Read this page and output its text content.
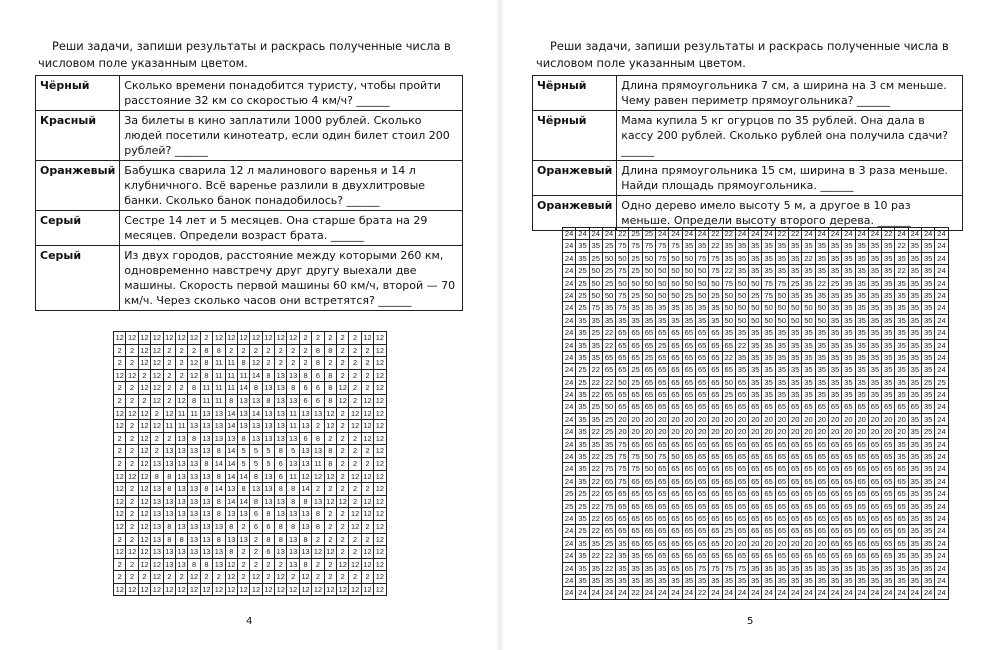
Реши задачи, запиши результаты и раскрась полученные числа в числовом поле указанным цветом.

Чёрный	Сколько времени понадобится туристу, чтобы пройти расстояние 32 км со скоростью 4 км/ч? ______
Красный	За билеты в кино заплатили 1000 рублей. Сколько людей посетили кинотеатр, если один билет стоил 200 рублей? ______
Оранжевый	Бабушка сварила 12 л малинового варенья и 14 л клубничного. Всё варенье разлили в двухлитровые банки. Сколько банок понадобилось? ______
Серый	Сестре 14 лет и 5 месяцев. Она старше брата на 29 месяцев. Определи возраст брата. ______
Серый	Из двух городов, расстояние между которыми 260 км, одновременно навстречу друг другу выехали две машины. Скорость первой машины 60 км/ч, второй — 70 км/ч. Через сколько часов они встретятся? ______
12 12 12 12 12 12 12 2 12 12 12 12 12 12 12 2	2	2	2	2 12 12
2	2 12 12 2	2	2	8	8	2	2	2	2	2	2	2	8	8	2	2	2 12
2	2 12 12 2	2 12 8 11 11 8 12 2	2	2	2	8	2	2	2	2 12
12 12 2 12 2	2 12 8 11 11 11 14 8 13 13 8	6	8	2	2	2 12
2	2 12 12 2	2	8 11 11 11 14 8 13 13 8	6	6	8 12 2	2 12
2	2	2 12 2 12 8 11 11 8 13 13 8 13 13 6	6	8 12 2 12 12
12 12 12 2 12 11 11 13 13 14 13 14 13 13 11 13 13 12 2 12 12 12
12 2 12 12 11 11 13 13 13 14 13 13 13 13 11 13 2 12 2 12 12 12
2	2 12 2	2 13 8 13 13 13 8 13 13 13 13 6	8	2	2	2 12 12
2	2 12 2 13 13 13 13 8 14 5	5	5	8	5 13 13 8	2	2	2 12
2	2 12 13 13 13 13 8 14 14 5	5	5	6 13 13 11 8	2	2	2 12
12 12 12 8	8 13 13 13 8 14 14 8 13 6 11 12 12 12 2 12 12 12
12 2 12 13 8 13 13 8 14 13 8 13 13 8	8 14 2	2	2	2	2 12
12 2 12 13 13 13 13 13 8 14 14 8 13 13 8	8 13 12 12 2 12 12
12 2 12 13 13 13 13 13 8 13 13 6	8 13 13 13 8	2	2 12 12 12
12 2 12 13 8 13 13 13 13 8	2	6	6	8	8 13 8	2	2 12 2 12
2	2 12 13 8	8 13 13 8 13 13 2	8	8 13 8	2	2	2	2	2 12
12 12 12 13 13 13 13 13 13 8	2	2	6 13 13 13 12 12 2	2 12 12
2	2 12 12 13 13 8	8 13 12 2	2	2	2 13 8	2	2 12 12 12 12
2	2	2 12 2	2 12 2	2 12 2 12 2 12 2 12 2	2	2	2	2 12
12 12 12 12 12 12 12 12 12 12 12 12 12 12 12 12 12 12 12 12 12 12
4

Реши задачи, запиши результаты и раскрась полученные числа в числовом поле указанным цветом.

Чёрный	Длина прямоугольника 7 см, а ширина на 3 см меньше. Чему равен периметр прямоугольника? ______
Чёрный	Мама купила 5 кг огурцов по 35 рублей. Она дала в кассу 200 рублей. Сколько рублей она получила сдачи? ______
Оранжевый	Длина прямоугольника 15 см, ширина в 3 раза меньше. Найди площадь прямоугольника. ______
Оранжевый	Одно дерево имело высоту 5 м, а другое в 10 раз меньше. Определи высоту второго дерева. ______
24 24 24 24 22 25 25 24 24 24 24 22 22 24 24 24 22 22 24 24 24 24 24 24 22 24 24 24 24
24 35 35 25 75 75 75 75 75 35 35 22 35 35 35 35 35 35 35 35 35 35 35 35 35 22 35 35 24
24 35 25 50 50 25 50 75 50 50 75 75 35 35 35 35 35 35 22 35 35 35 35 35 35 35 35 35 24
24 25 50 25 75 25 50 50 50 50 50 75 22 35 35 35 35 35 35 35 35 35 35 35 35 22 35 35 24
24 25 50 25 50 50 50 50 50 50 50 50 75 50 50 75 75 25 35 22 25 35 35 35 35 35 35 35 24
24 25 50 50 75 25 50 50 50 25 50 25 50 50 25 75 50 35 35 35 35 35 35 35 35 35 35 35 24
24 25 75 35 75 35 35 35 35 35 35 35 50 50 50 50 50 50 50 50 35 35 35 35 35 35 35 35 24
24 35 35 35 35 35 35 35 35 35 35 35 50 50 50 50 50 50 50 50 35 35 35 35 35 35 35 35 24
24 35 25 22 65 65 65 65 65 65 65 65 35 35 35 35 35 35 35 35 35 35 35 35 35 35 35 35 24
24 35 35 22 65 65 65 25 65 65 65 65 65 22 35 35 35 35 35 35 35 35 35 35 35 35 35 35 24
24 35 35 65 65 65 25 65 65 65 65 65 22 35 35 35 35 35 35 35 35 35 35 35 35 35 35 35 24
24 25 22 65 65 25 65 65 65 65 65 65 65 35 35 35 35 35 35 35 35 35 35 35 35 35 35 35 24
24 25 22 22 50 25 65 65 65 65 65 65 50 65 35 35 35 35 35 35 35 35 35 35 35 35 35 25 25
24 35 22 65 65 65 65 65 65 65 65 65 25 65 35 35 35 35 35 35 35 35 35 35 35 35 35 35 24
24 35 25 50 65 65 65 65 65 65 65 65 65 65 65 65 65 65 65 65 65 65 65 65 65 65 65 35 24
24 35 35 25 20 20 20 20 20 20 20 20 20 20 20 20 20 20 20 20 20 20 20 20 20 20 35 35 24
24 35 22 25 20 20 20 20 20 20 20 20 20 20 20 20 20 20 20 20 20 20 20 20 20 20 35 25 24
24 35 35 35 75 65 65 65 65 65 65 65 65 65 65 65 65 65 65 65 65 65 65 65 65 35 35 35 24
24 35 22 25 75 75 50 75 50 65 65 65 65 65 65 65 65 65 65 65 65 65 65 65 65 35 35 35 24
24 35 22 75 75 75 50 65 65 65 65 65 65 65 65 65 65 65 65 65 65 65 65 65 65 65 35 35 24
24 35 22 65 75 65 65 65 65 65 65 65 65 65 65 65 65 65 65 65 65 65 65 65 65 65 35 35 24
25 25 22 65 65 65 65 65 65 65 65 65 65 65 65 65 65 65 65 65 65 65 65 65 65 65 35 35 24
25 25 22 75 65 65 65 65 65 65 65 65 65 65 65 65 65 65 65 65 65 65 65 65 65 65 35 35 24
24 35 22 65 65 65 65 65 65 65 65 65 65 65 65 65 65 65 65 65 65 65 65 65 65 65 35 35 24
24 25 22 65 65 65 65 65 65 65 65 65 25 65 65 65 65 65 65 65 65 65 65 65 65 65 35 35 24
24 35 35 25 35 65 65 65 65 65 65 65 20 20 20 20 20 20 20 20 65 65 65 65 65 65 35 35 24
24 35 22 22 35 35 65 65 65 65 65 65 65 65 65 65 65 65 65 65 65 65 65 65 65 35 35 35 24
24 35 35 22 35 35 35 35 65 65 75 75 75 75 35 35 35 35 35 35 35 35 35 35 35 35 35 35 24
24 35 35 35 35 35 35 35 35 35 35 35 35 35 35 35 35 35 35 35 35 35 35 35 35 35 35 35 24
24 24 24 24 24 22 24 24 24 24 22 24 24 24 24 24 24 24 24 24 24 24 24 24 24 24 24 24 24
5
